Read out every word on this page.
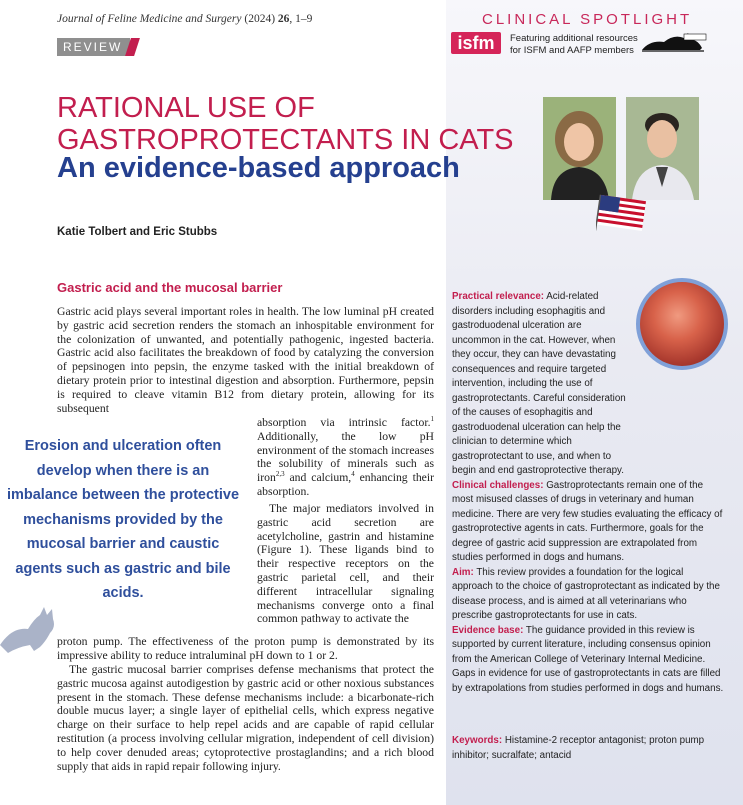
Journal of Feline Medicine and Surgery (2024) 26, 1–9
REVIEW
CLINICAL SPOTLIGHT
isfm	Featuring additional resources
for ISFM and AAFP members
RATIONAL USE OF
GASTROPROTECTANTS IN CATS
An evidence-based approach
Katie Tolbert and Eric Stubbs
Gastric acid and the mucosal barrier

Gastric acid plays several important roles in health. The low luminal pH created by gastric acid secretion renders the stomach an inhospitable environment for the colonization of unwanted, and potentially pathogenic, ingested bacteria. Gastric acid also facilitates the breakdown of food by catalyzing the conversion of pepsinogen into pepsin, the enzyme tasked with the initial breakdown of dietary protein prior to intestinal digestion and absorption. Furthermore, pepsin is required to cleave vitamin B12 from dietary protein, allowing for its subsequent

absorption via intrinsic factor.$^1$ Additionally, the low pH environment of the stomach increases the solubility of minerals such as iron$^{2,3}$ and calcium,$^4$ enhancing their absorption.

The major mediators involved in gastric acid secretion are acetylcholine, gastrin and histamine (Figure 1). These ligands bind to their respective receptors on the gastric parietal cell, and their different intracellular signaling mechanisms converge onto a final common pathway to activate the

proton pump. The effectiveness of the proton pump is demonstrated by its impressive ability to reduce intraluminal pH down to 1 or 2.

The gastric mucosal barrier comprises defense mechanisms that protect the gastric mucosa against autodigestion by gastric acid or other noxious substances present in the stomach. These defense mechanisms include: a bicarbonate-rich double mucus layer; a single layer of epithelial cells, which express negative charge on their surface to help repel acids and are capable of rapid cellular restitution (a process involving cellular migration, independent of cell division) to help cover denuded areas; cytoprotective prostaglandins; and a rich blood supply that aids in rapid repair following injury.

Erosion and ulceration often develop when there is an imbalance between the protective mechanisms provided by the mucosal barrier and caustic agents such as gastric and bile acids.

Practical relevance: Acid-related disorders including esophagitis and gastroduodenal ulceration are uncommon in the cat. However, when they occur, they can have devastating consequences and require targeted intervention, including the use of gastroprotectants. Careful consideration of the causes of esophagitis and gastroduodenal ulceration can help the clinician to determine which gastroprotectant to use, and when to begin and end gastroprotective therapy.

Clinical challenges: Gastroprotectants remain one of the most misused classes of drugs in veterinary and human medicine. There are very few studies evaluating the efficacy of gastroprotective agents in cats. Furthermore, goals for the degree of gastric acid suppression are extrapolated from studies performed in dogs and humans.

Aim: This review provides a foundation for the logical approach to the choice of gastroprotectant as indicated by the disease process, and is aimed at all veterinarians who prescribe gastroprotectants for use in cats.

Evidence base: The guidance provided in this review is supported by current literature, including consensus opinion from the American College of Veterinary Internal Medicine. Gaps in evidence for use of gastroprotectants in cats are filled by extrapolations from studies performed in dogs and humans.

Keywords: Histamine-2 receptor antagonist; proton pump inhibitor; sucralfate; antacid
